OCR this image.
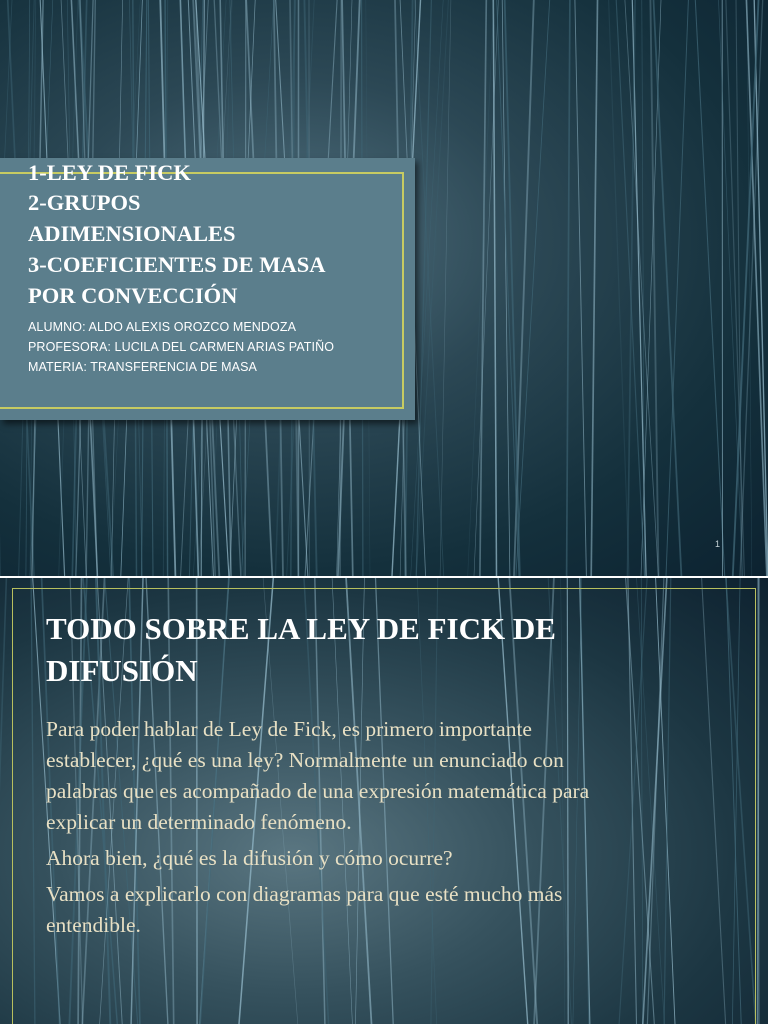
1-LEY DE FICK

2-GRUPOS

ADIMENSIONALES

3-COEFICIENTES DE MASA

POR CONVECCIÓN

ALUMNO: ALDO ALEXIS OROZCO MENDOZA

PROFESORA: LUCILA DEL CARMEN ARIAS PATIÑO

MATERIA: TRANSFERENCIA DE MASA

1

TODO SOBRE LA LEY DE FICK DE

DIFUSIÓN

Para poder hablar de Ley de Fick, es primero importante

establecer, ¿qué es una ley? Normalmente un enunciado con

palabras que es acompañado de una expresión matemática para

explicar un determinado fenómeno.

Ahora bien, ¿qué es la difusión y cómo ocurre?

Vamos a explicarlo con diagramas para que esté mucho más

entendible.
